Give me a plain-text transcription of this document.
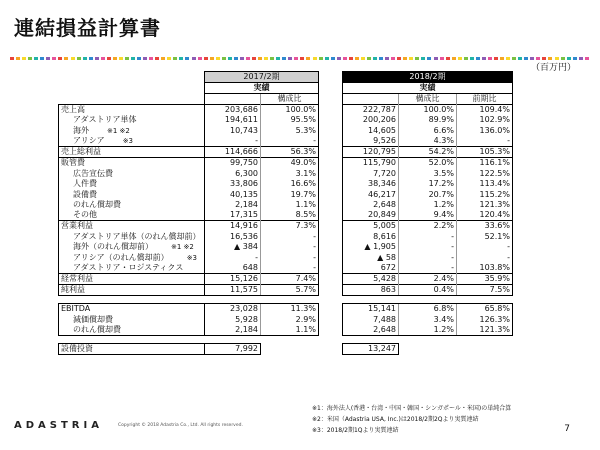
連結損益計算書
（百万円）
	2017/2期			2018/2期		
	実績			実績		
		構成比			構成比	前期比
売上高	203,686	100.0%		222,787	100.0%	109.4%
アダストリア単体	194,611	95.5%		200,206	89.9%	102.9%
海外 ※1 ※2	10,743	5.3%		14,605	6.6%	136.0%
アリシア ※3	-	-		9,526	4.3%	-
売上総利益	114,666	56.3%		120,795	54.2%	105.3%
販管費	99,750	49.0%		115,790	52.0%	116.1%
広告宣伝費	6,300	3.1%		7,720	3.5%	122.5%
人件費	33,806	16.6%		38,346	17.2%	113.4%
設備費	40,135	19.7%		46,217	20.7%	115.2%
のれん償却費	2,184	1.1%		2,648	1.2%	121.3%
その他	17,315	8.5%		20,849	9.4%	120.4%
営業利益	14,916	7.3%		5,005	2.2%	33.6%
アダストリア単体（のれん償却前）	16,536	-		8,616	-	52.1%
海外（のれん償却前） ※1 ※2	▲ 384	-		▲ 1,905	-	-
アリシア（のれん償却前） ※3	-	-		▲ 58	-	-
アダストリア・ロジスティクス	648	-		672	-	103.8%
経常利益	15,126	7.4%		5,428	2.4%	35.9%
純利益	11,575	5.7%		863	0.4%	7.5%

EBITDA	23,028	11.3%		15,141	6.8%	65.8%
減価償却費	5,928	2.9%		7,488	3.4%	126.3%
のれん償却費	2,184	1.1%		2,648	1.2%	121.3%

設備投資	7,992			13,247		
ADASTRIA	Copyright © 2018 Adastria Co., Ltd. All rights reserved.
※1：海外法人(香港・台湾・中国・韓国・シンガポール・米国)の単純合算
※2：米国（Adastria USA, Inc.)は2018/2期2Qより実質連結
※3：2018/2期1Qより実質連結	7
